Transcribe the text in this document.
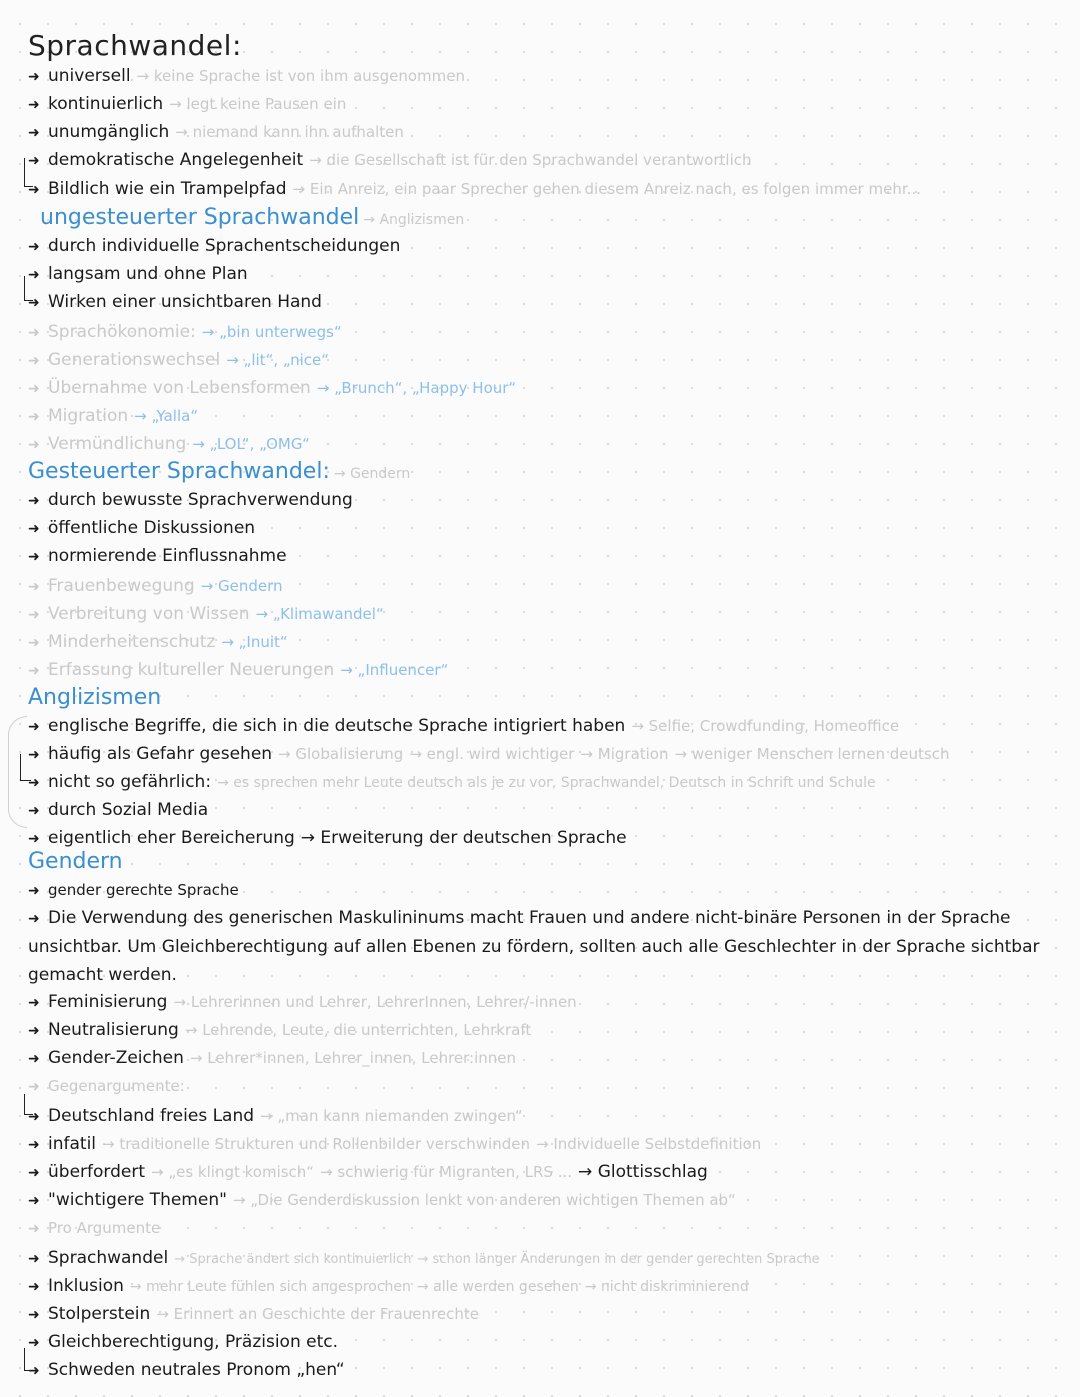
Sprachwandel:
➜ universell → keine Sprache ist von ihm ausgenommen
➜ kontinuierlich → legt keine Pausen ein
➜ unumgänglich → niemand kann ihn aufhalten
➜ demokratische Angelegenheit → die Gesellschaft ist für den Sprachwandel verantwortlich
➜ Bildlich wie ein Trampelpfad → Ein Anreiz, ein paar Sprecher gehen diesem Anreiz nach, es folgen immer mehr...
ungesteuerter Sprachwandel → Anglizismen
➜ durch individuelle Sprachentscheidungen
➜ langsam und ohne Plan
➜ Wirken einer unsichtbaren Hand
➜ Sprachökonomie: → „bin unterwegs“
➜ Generationswechsel → „lit“, „nice“
➜ Übernahme von Lebensformen → „Brunch“, „Happy Hour“
➜ Migration → „Yalla“
➜ Vermündlichung → „LOL“, „OMG“
Gesteuerter Sprachwandel: → Gendern
➜ durch bewusste Sprachverwendung
➜ öffentliche Diskussionen
➜ normierende Einflussnahme
➜ Frauenbewegung → Gendern
➜ Verbreitung von Wissen → „Klimawandel“
➜ Minderheitenschutz → „Inuit“
➜ Erfassung kultureller Neuerungen → „Influencer“
Anglizismen
➜ englische Begriffe, die sich in die deutsche Sprache intigriert haben → Selfie, Crowdfunding, Homeoffice
➜ häufig als Gefahr gesehen → Globalisierung → engl. wird wichtiger → Migration → weniger Menschen lernen deutsch
➜ nicht so gefährlich: → es sprechen mehr Leute deutsch als je zu vor, Sprachwandel, Deutsch in Schrift und Schule
➜ durch Sozial Media
➜ eigentlich eher Bereicherung → Erweiterung der deutschen Sprache
Gendern
➜ gender gerechte Sprache
➜ Die Verwendung des generischen Maskulininums macht Frauen und andere nicht-binäre Personen in der Sprache unsichtbar. Um Gleichberechtigung auf allen Ebenen zu fördern, sollten auch alle Geschlechter in der Sprache sichtbar gemacht werden.
➜ Feminisierung → Lehrerinnen und Lehrer, LehrerInnen, Lehrer/-innen
➜ Neutralisierung → Lehrende, Leute, die unterrichten, Lehrkraft
➜ Gender-Zeichen → Lehrer*innen, Lehrer_innen, Lehrer:innen
➜ Gegenargumente:
➜ Deutschland freies Land → „man kann niemanden zwingen“
➜ infatil → traditionelle Strukturen und Rollenbilder verschwinden → Individuelle Selbstdefinition
➜ überfordert → „es klingt komisch“ → schwierig für Migranten, LRS ... → Glottisschlag
➜ "wichtigere Themen" → „Die Genderdiskussion lenkt von anderen wichtigen Themen ab“
➜ Pro Argumente
➜ Sprachwandel → Sprache ändert sich kontinuierlich → schon länger Änderungen in der gender gerechten Sprache
➜ Inklusion → mehr Leute fühlen sich angesprochen → alle werden gesehen → nicht diskriminierend
➜ Stolperstein → Erinnert an Geschichte der Frauenrechte
➜ Gleichberechtigung, Präzision etc.
➜ Schweden neutrales Pronom „hen“
